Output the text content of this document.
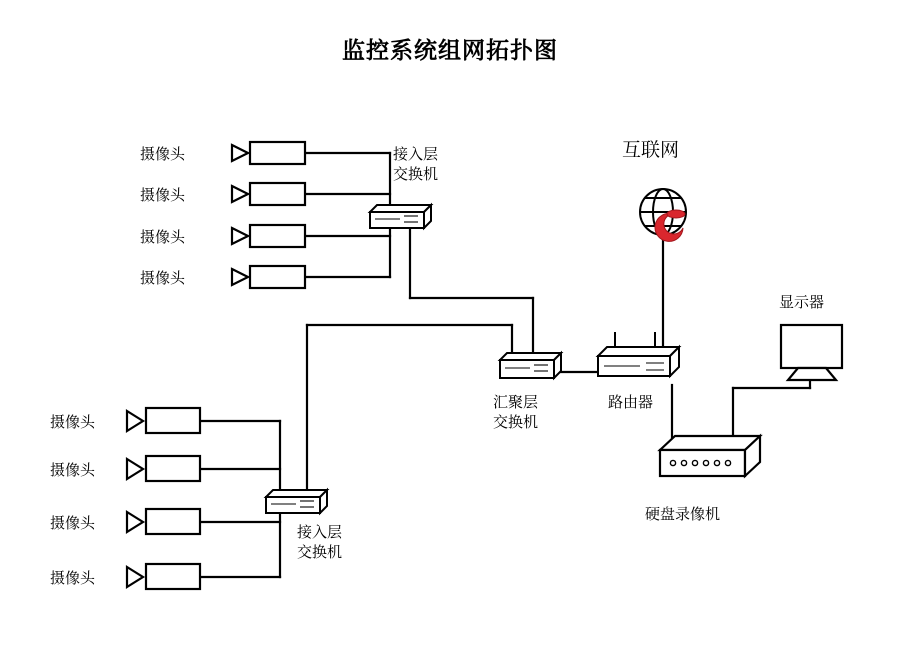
监控系统组网拓扑图
摄像头
摄像头
摄像头
摄像头
摄像头
摄像头
摄像头
摄像头
接入层
交换机
接入层
交换机
汇聚层
交换机
路由器
互联网
显示器
硬盘录像机
